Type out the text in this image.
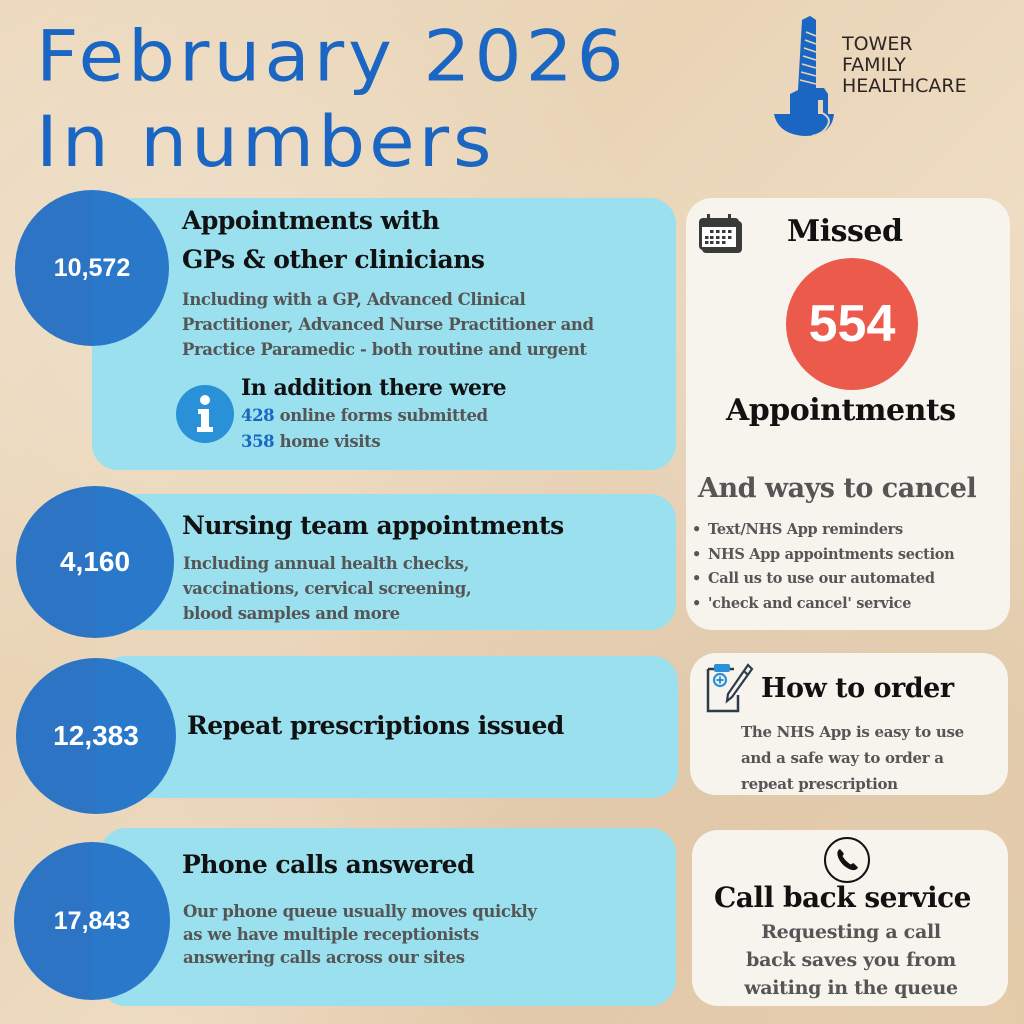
February 2026
In numbers
TOWER
FAMILY
HEALTHCARE
10,572
Appointments with
GPs & other clinicians
Including with a GP, Advanced Clinical
Practitioner, Advanced Nurse Practitioner and
Practice Paramedic - both routine and urgent
In addition there were
428 online forms submitted
358 home visits
4,160
Nursing team appointments
Including annual health checks,
vaccinations, cervical screening,
blood samples and more
12,383 Repeat prescriptions issued
17,843
Phone calls answered
Our phone queue usually moves quickly
as we have multiple receptionists
answering calls across our sites
Missed
554
Appointments
And ways to cancel
• Text/NHS App reminders
• NHS App appointments section
• Call us to use our automated
• 'check and cancel' service
How to order
The NHS App is easy to use
and a safe way to order a
repeat prescription
Call back service
Requesting a call
back saves you from
waiting in the queue
